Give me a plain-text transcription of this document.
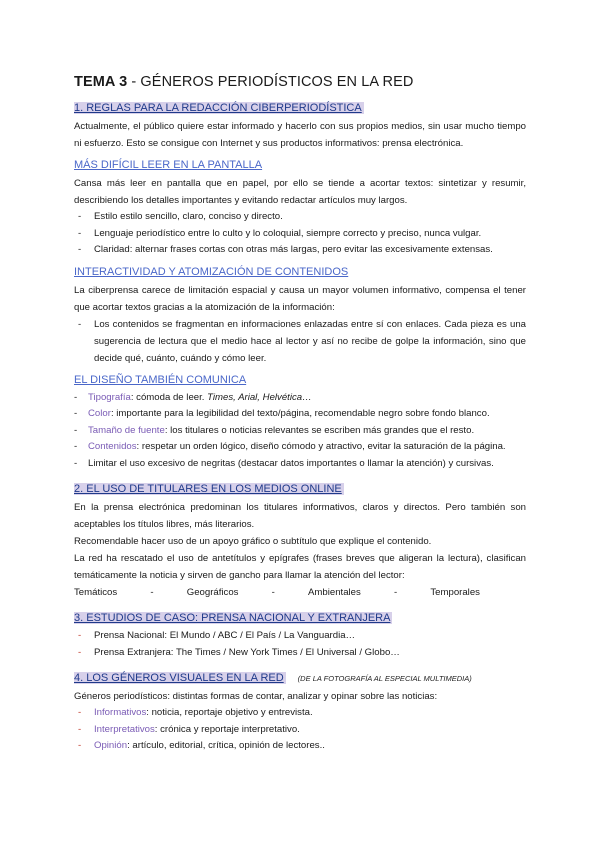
TEMA 3 - GÉNEROS PERIODÍSTICOS EN LA RED
1. REGLAS PARA LA REDACCIÓN CIBERPERIODÍSTICA

Actualmente, el público quiere estar informado y hacerlo con sus propios medios, sin usar mucho tiempo ni esfuerzo. Esto se consigue con Internet y sus productos informativos: prensa electrónica.

MÁS DIFÍCIL LEER EN LA PANTALLA

Cansa más leer en pantalla que en papel, por ello se tiende a acortar textos: sintetizar y resumir, describiendo los detalles importantes y evitando redactar artículos muy largos.

- Estilo estilo sencillo, claro, conciso y directo.
- Lenguaje periodístico entre lo culto y lo coloquial, siempre correcto y preciso, nunca vulgar.
- Claridad: alternar frases cortas con otras más largas, pero evitar las excesivamente extensas.
INTERACTIVIDAD Y ATOMIZACIÓN DE CONTENIDOS

La ciberprensa carece de limitación espacial y causa un mayor volumen informativo, compensa el tener que acortar textos gracias a la atomización de la información:

- Los contenidos se fragmentan en informaciones enlazadas entre sí con enlaces. Cada pieza es una sugerencia de lectura que el medio hace al lector y así no recibe de golpe la información, sino que decide qué, cuánto, cuándo y cómo leer.
EL DISEÑO TAMBIÉN COMUNICA
- Tipografía: cómoda de leer. Times, Arial, Helvética…
- Color: importante para la legibilidad del texto/página, recomendable negro sobre fondo blanco.
- Tamaño de fuente: los titulares o noticias relevantes se escriben más grandes que el resto.
- Contenidos: respetar un orden lógico, diseño cómodo y atractivo, evitar la saturación de la página.
- Limitar el uso excesivo de negritas (destacar datos importantes o llamar la atención) y cursivas.
2. EL USO DE TITULARES EN LOS MEDIOS ONLINE

En la prensa electrónica predominan los titulares informativos, claros y directos. Pero también son aceptables los títulos libres, más literarios.

Recomendable hacer uso de un apoyo gráfico o subtítulo que explique el contenido.

La red ha rescatado el uso de antetítulos y epígrafes (frases breves que aligeran la lectura), clasifican temáticamente la noticia y sirven de gancho para llamar la atención del lector:

Temáticos	-	Geográficos	-	Ambientales	-	Temporales
3. ESTUDIOS DE CASO: PRENSA NACIONAL Y EXTRANJERA
- Prensa Nacional: El Mundo / ABC / El País / La Vanguardia…
- Prensa Extranjera: The Times / New York Times / El Universal / Globo…
4. LOS GÉNEROS VISUALES EN LA RED (DE LA FOTOGRAFÍA AL ESPECIAL MULTIMEDIA)

Géneros periodísticos: distintas formas de contar, analizar y opinar sobre las noticias:

- Informativos: noticia, reportaje objetivo y entrevista.
- Interpretativos: crónica y reportaje interpretativo.
- Opinión: artículo, editorial, crítica, opinión de lectores..
